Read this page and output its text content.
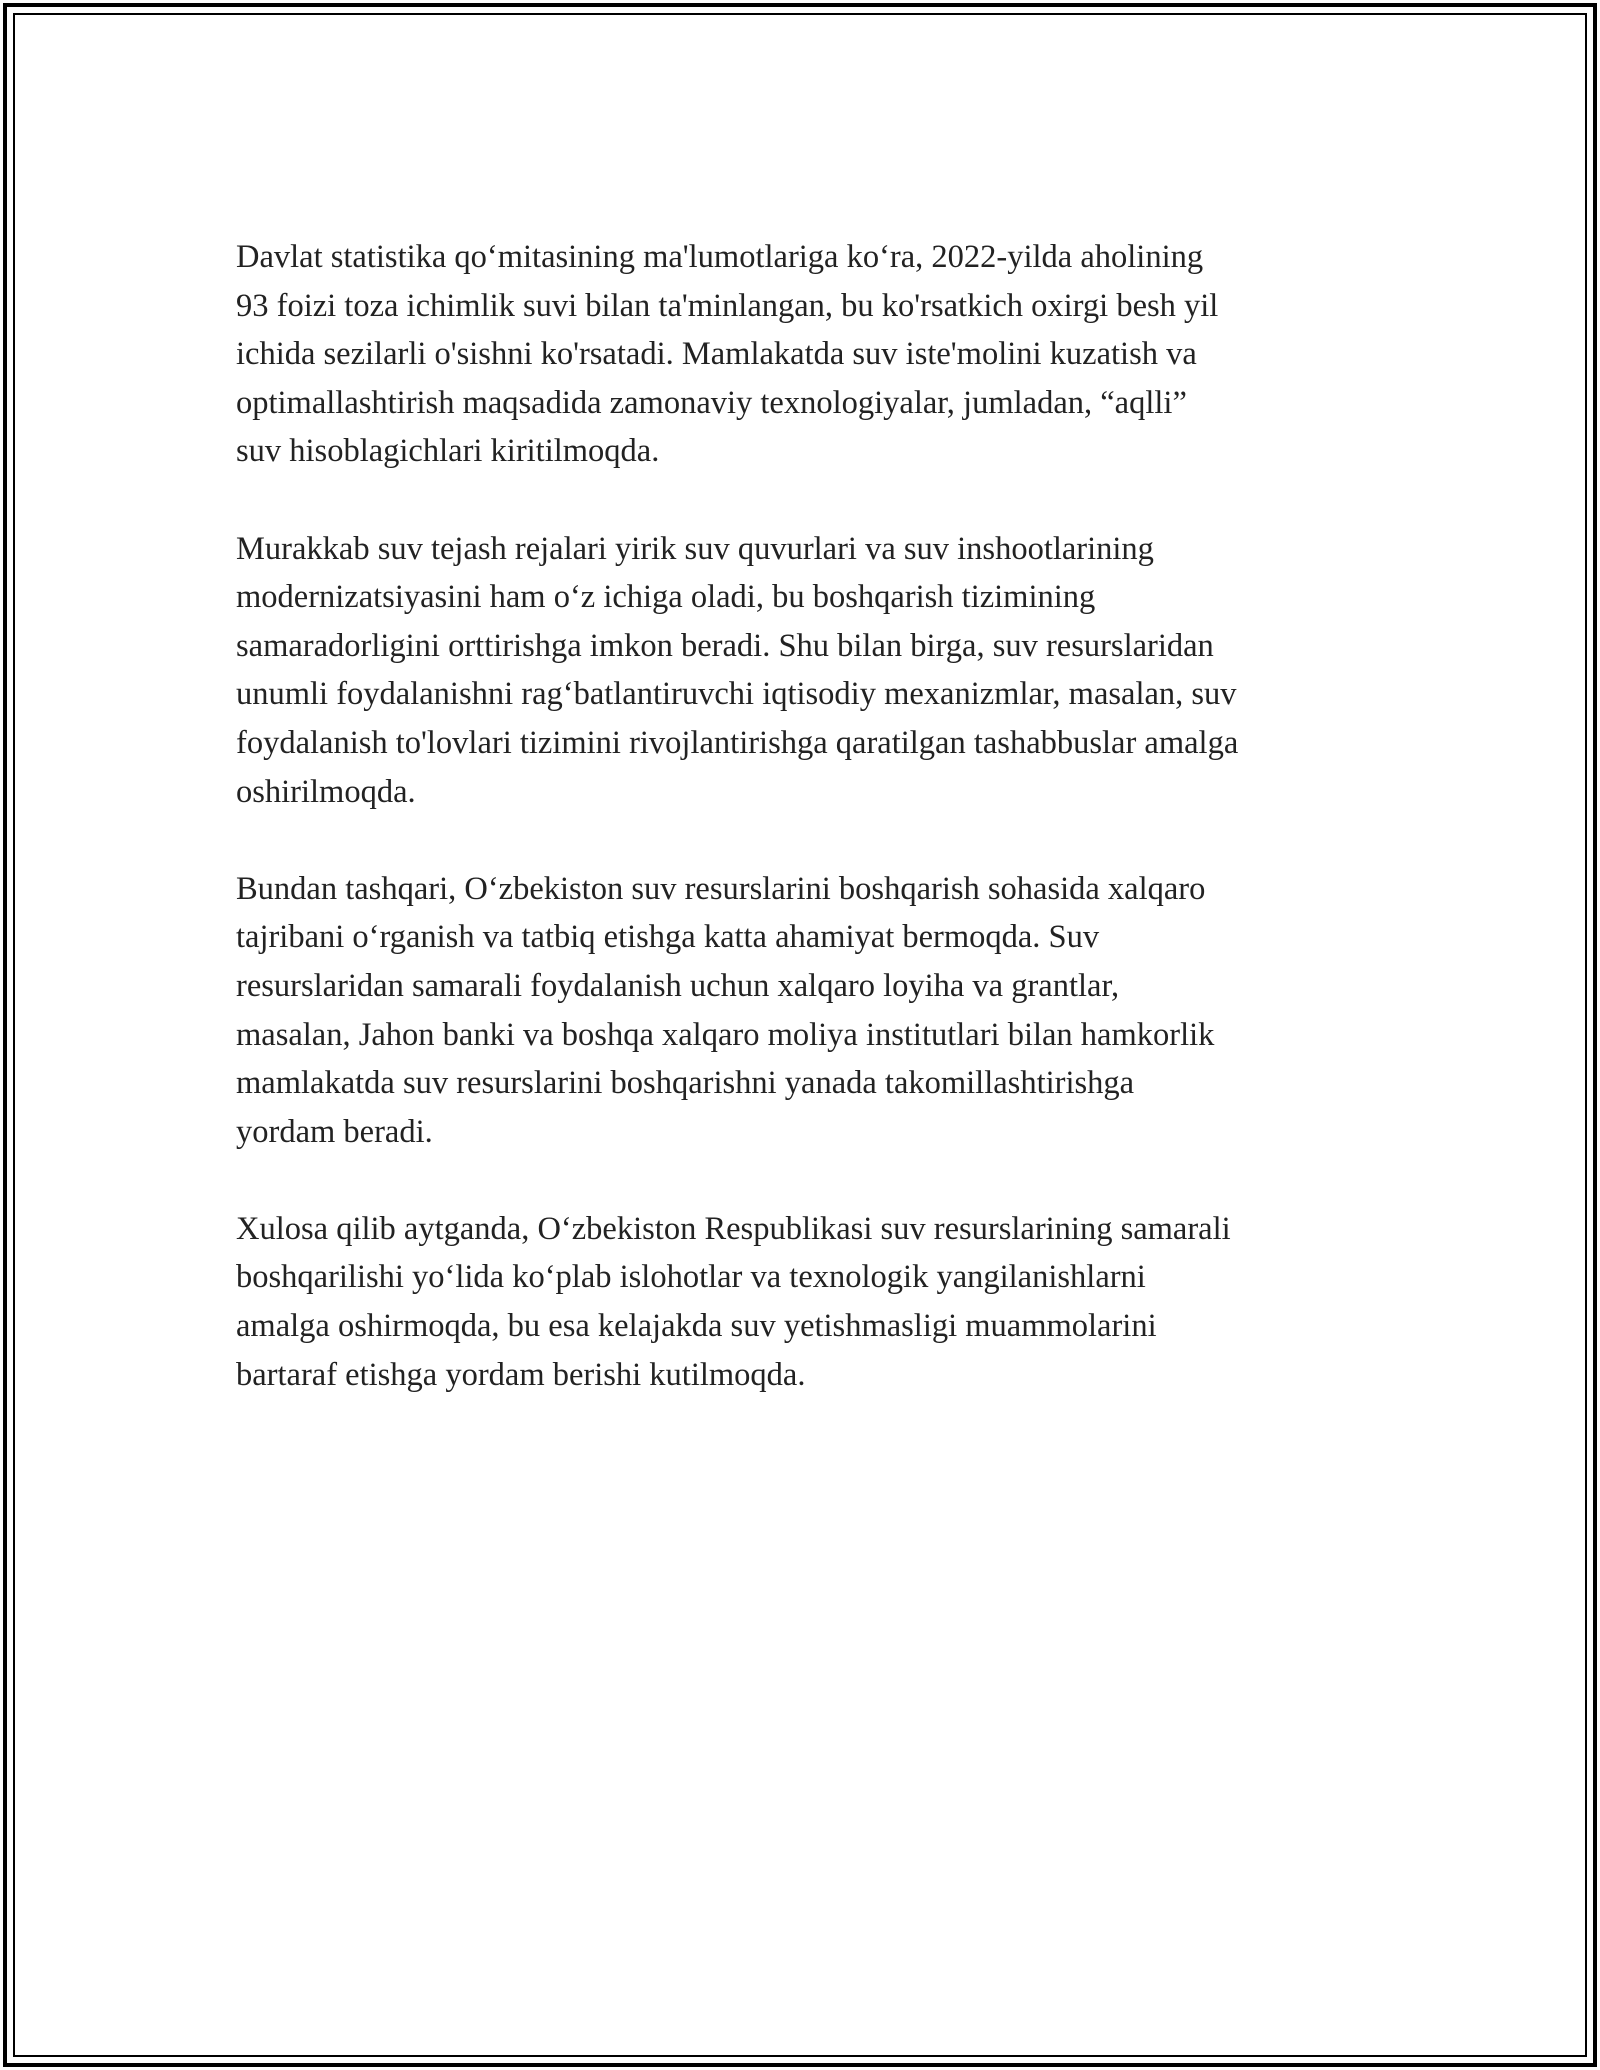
Davlat statistika qo‘mitasining ma'lumotlariga ko‘ra, 2022-yilda aholining
93 foizi toza ichimlik suvi bilan ta'minlangan, bu ko'rsatkich oxirgi besh yil
ichida sezilarli o'sishni ko'rsatadi. Mamlakatda suv iste'molini kuzatish va
optimallashtirish maqsadida zamonaviy texnologiyalar, jumladan, “aqlli”
suv hisoblagichlari kiritilmoqda.

Murakkab suv tejash rejalari yirik suv quvurlari va suv inshootlarining
modernizatsiyasini ham o‘z ichiga oladi, bu boshqarish tizimining
samaradorligini orttirishga imkon beradi. Shu bilan birga, suv resurslaridan
unumli foydalanishni rag‘batlantiruvchi iqtisodiy mexanizmlar, masalan, suv
foydalanish to'lovlari tizimini rivojlantirishga qaratilgan tashabbuslar amalga
oshirilmoqda.

Bundan tashqari, O‘zbekiston suv resurslarini boshqarish sohasida xalqaro
tajribani o‘rganish va tatbiq etishga katta ahamiyat bermoqda. Suv
resurslaridan samarali foydalanish uchun xalqaro loyiha va grantlar,
masalan, Jahon banki va boshqa xalqaro moliya institutlari bilan hamkorlik
mamlakatda suv resurslarini boshqarishni yanada takomillashtirishga
yordam beradi.

Xulosa qilib aytganda, O‘zbekiston Respublikasi suv resurslarining samarali
boshqarilishi yo‘lida ko‘plab islohotlar va texnologik yangilanishlarni
amalga oshirmoqda, bu esa kelajakda suv yetishmasligi muammolarini
bartaraf etishga yordam berishi kutilmoqda.
